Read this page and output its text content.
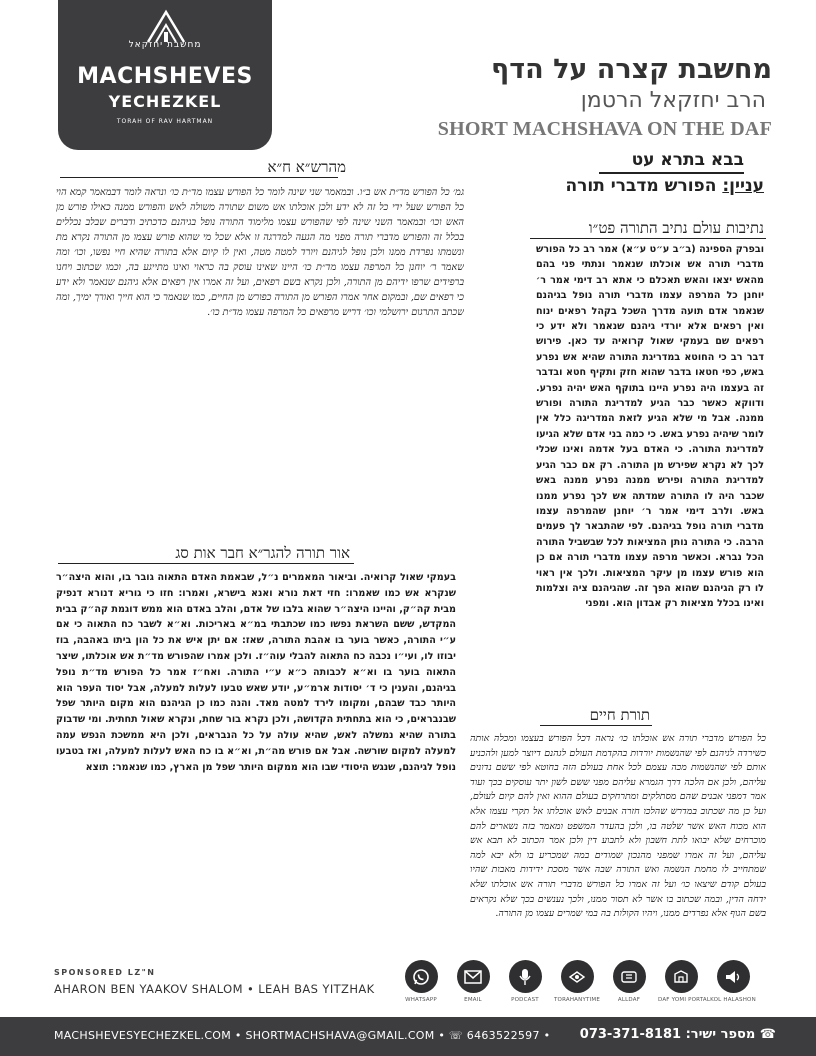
מחשבת יחזקאל
MACHSHEVES
YECHEZKEL
TORAH OF RAV HARTMAN
מחשבת קצרה על הדף
הרב יחזקאל הרטמן
SHORT MACHSHAVA ON THE DAF
בבא בתרא עט
עניין: הפורש מדברי תורה
מהרש״א ח״א
גמ׳ כל הפורש מד״ת אש ב״ו. ובמאמר שני שינה לומר כל הפורש עצמו מד״ת כו׳ ונראה לומר דבמאמר קמא הוי כל הפורש שעל ידי כל זה לא ידע ולכן אוכלתו אש משום שתורה משולה לאש והפורש ממנה כאילו פורש מן האש וכו׳ ובמאמר השני שינה לפי שהפורש עצמו מלימוד התורה נופל בגיהנם כדכתיב ודברים שבלב נכללים בכלל זה והפורש מדברי תורה מפני מה הגעה למדרגה זו אלא שכל מי שהוא פורש עצמו מן התורה נקרא מת ונשמתו נפרדת ממנו ולכן נופל לגיהנם ויורד למטה מטה, ואין לו קיום אלא בתורה שהיא חיי נפשו, וכו׳ ומה שאמר ר׳ יוחנן כל המרפה עצמו מד״ת כו׳ היינו שאינו עוסק בה כראוי ואינו מתייגע בה, וכמו שכתוב ויחנו ברפידים שרפו ידיהם מן התורה, ולכן נקרא בשם רפאים, ועל זה אמרו אין רפאים אלא גיהנם שנאמר ולא ידע כי רפאים שם, ובמקום אחר אמרו הפורש מן התורה כפורש מן החיים, כמו שנאמר כי הוא חייך ואורך ימיך, ומה שכתב התרגום ירושלמי וכו׳ דריש מרפאים כל המרפה עצמו מד״ת כו׳.
נתיבות עולם נתיב התורה פט״ו
ובפרק הספינה (ב״ב ע״ט ע״א) אמר רב כל הפורש מדברי תורה אש אוכלתו שנאמר ונתתי פני בהם מהאש יצאו והאש תאכלם כי אתא רב דימי אמר ר׳ יוחנן כל המרפה עצמו מדברי תורה נופל בגיהנם שנאמר אדם תועה מדרך השכל בקהל רפאים ינוח ואין רפאים אלא יורדי גיהנם שנאמר ולא ידע כי רפאים שם בעמקי שאול קרואיה עד כאן. פירוש דבר רב כי החוטא במדריגת התורה שהיא אש נפרע באש, כפי חטאו בדבר שהוא חזק ותקיף חטא ובדבר זה בעצמו היה נפרע היינו בתוקף האש יהיה נפרע. ודווקא כאשר כבר הגיע למדריגת התורה ופורש ממנה. אבל מי שלא הגיע לזאת המדריגה כלל אין לומר שיהיה נפרע באש. כי כמה בני אדם שלא הגיעו למדריגת התורה. כי האדם בעל אדמה ואינו שכלי לכך לא נקרא שפירש מן התורה. רק אם כבר הגיע למדריגת התורה ופירש ממנה נפרע ממנה באש שכבר היה לו התורה שמדתה אש לכך נפרע ממנו באש. ולרב דימי אמר ר׳ יוחנן שהמרפה עצמו מדברי תורה נופל בגיהנם. לפי שהתבאר לך פעמים הרבה. כי התורה נותן המציאות לכל שבשביל התורה הכל נברא. וכאשר מרפה עצמו מדברי תורה אם כן הוא פורש עצמו מן עיקר המציאות. ולכך אין ראוי לו רק הגיהנם שהוא הפך זה. שהגיהנם ציה וצלמות ואינו בכלל מציאות רק אבדון הוא. ומפני
אור תורה להגר״א חבר אות סג
בעמקי שאול קרואיה. וביאור המאמרים נ״ל, שבאמת האדם התאוה גובר בו, והוא היצה״ר שנקרא אש כמו שאמרו: חזי דאת נורא ואנא בישרא, ואמרו: חזו כי גוריא דנורא דנפיק מבית קה״ק, והיינו היצה״ר שהוא בלבו של אדם, והלב באדם הוא ממש דוגמת קה״ק בבית המקדש, ששם השראת נפשו כמו שכתבתי במ״א באריכות. וא״א לשבר כח התאוה כי אם ע״י התורה, כאשר בוער בו אהבת התורה, שאז: אם יתן איש את כל הון ביתו באהבה, בוז יבוזו לו, ועי״ו נכבה כח התאוה להבלי עוה״ז. ולכן אמרו שהפורש מד״ת אש אוכלתו, שיצר התאוה בוער בו וא״א לכבותה כ״א ע״י התורה. ואח״ז אמר כל הפורש מד״ת נופל בגיהנם, והענין כי ד׳ יסודות ארמ״ע, יודע שאש טבעו לעלות למעלה, אבל יסוד העפר הוא היותר כבד שבהם, ומקומו לירד למטה מאד. והנה כמו כן הגיהנם הוא מקום היותר שפל שבנבראים, כי הוא בתחתית הקדושה, ולכן נקרא בור שחת, ונקרא שאול תחתית. ומי שדבוק בתורה שהיא נמשלה לאש, שהיא עולה על כל הנבראים, ולכן היא ממשכת הנפש עמה למעלה למקום שורשה. אבל אם פורש מה״ת, וא״א בו כח האש לעלות למעלה, ואז בטבעו נופל לגיהנם, שנגש היסודי שבו הוא ממקום היותר שפל מן הארץ, כמו שנאמר: תוצא
תורת חיים
כל הפורש מדברי תורה אש אוכלתו כו׳ נראה דכל הפורש בעצמו ומכלה אותה כשירדה לגיהנם לפי שהנשמות יורדות בהקדמת העולם לגהנם דיוצר למען ולהכניע אותם לפי שהנשמות מכה עצמם לכל אחת בעולם הזה בחוטא לפי ששם נדונים עליהם, ולכן אם הלכה דרך הגמרא עליהם מפני ששם לשון יתר עוסקים בכך ועוד אמר דמפני אבנים שהם מסתלקים ומתרחקים בעולם ההוא ואין להם קיום לעולם, ועל כן מה שכתוב במדרש שהלכו חזרה אבנים לאש אוכלתו אל תקרי עצמו אלא הוא מכוח האש אשר שלטה בו, ולכן בהעדר המשפט ומאמר בזה נשארים להם מוכרחים שלא יבואו לתת חשבון ולא לתבוע דין ולכן אמר הכתוב לא תבא אש עליהם, ועל זה אמרו שמפני מהנכון שמודים במה שמכריע בו ולא יבא למה שמתחייב לו מחמת הנשמה ואש התורה שבה אשר מסכת ידידות מאבות שהיו בעולם קודם שיצאו כו׳ ועל זה אמרו כל הפורש מדברי תורה אש אוכלתו שלא ידחה הדין, ובמה שכתוב בו אשר לא תסור ממנו, ולכך נענשים בכך שלא נקראים בשם הגוף אלא נפרדים ממנו, ויהיו הקולות בה במי שמרים עצמו מן התורה.
WHATSAPP	EMAIL	PODCAST	TORAHANYTIME	ALLDAF	DAF YOMI PORTAL KOL HALASHON
SPONSORED LZ"N
AHARON BEN YAAKOV SHALOM • LEAH BAS YITZHAK
MACHSHEVESYECHEZKEL.COM • SHORTMACHSHAVA@GMAIL.COM • ☏ 6463522597 • 073-371-8181 :מספר ישיר ☎
